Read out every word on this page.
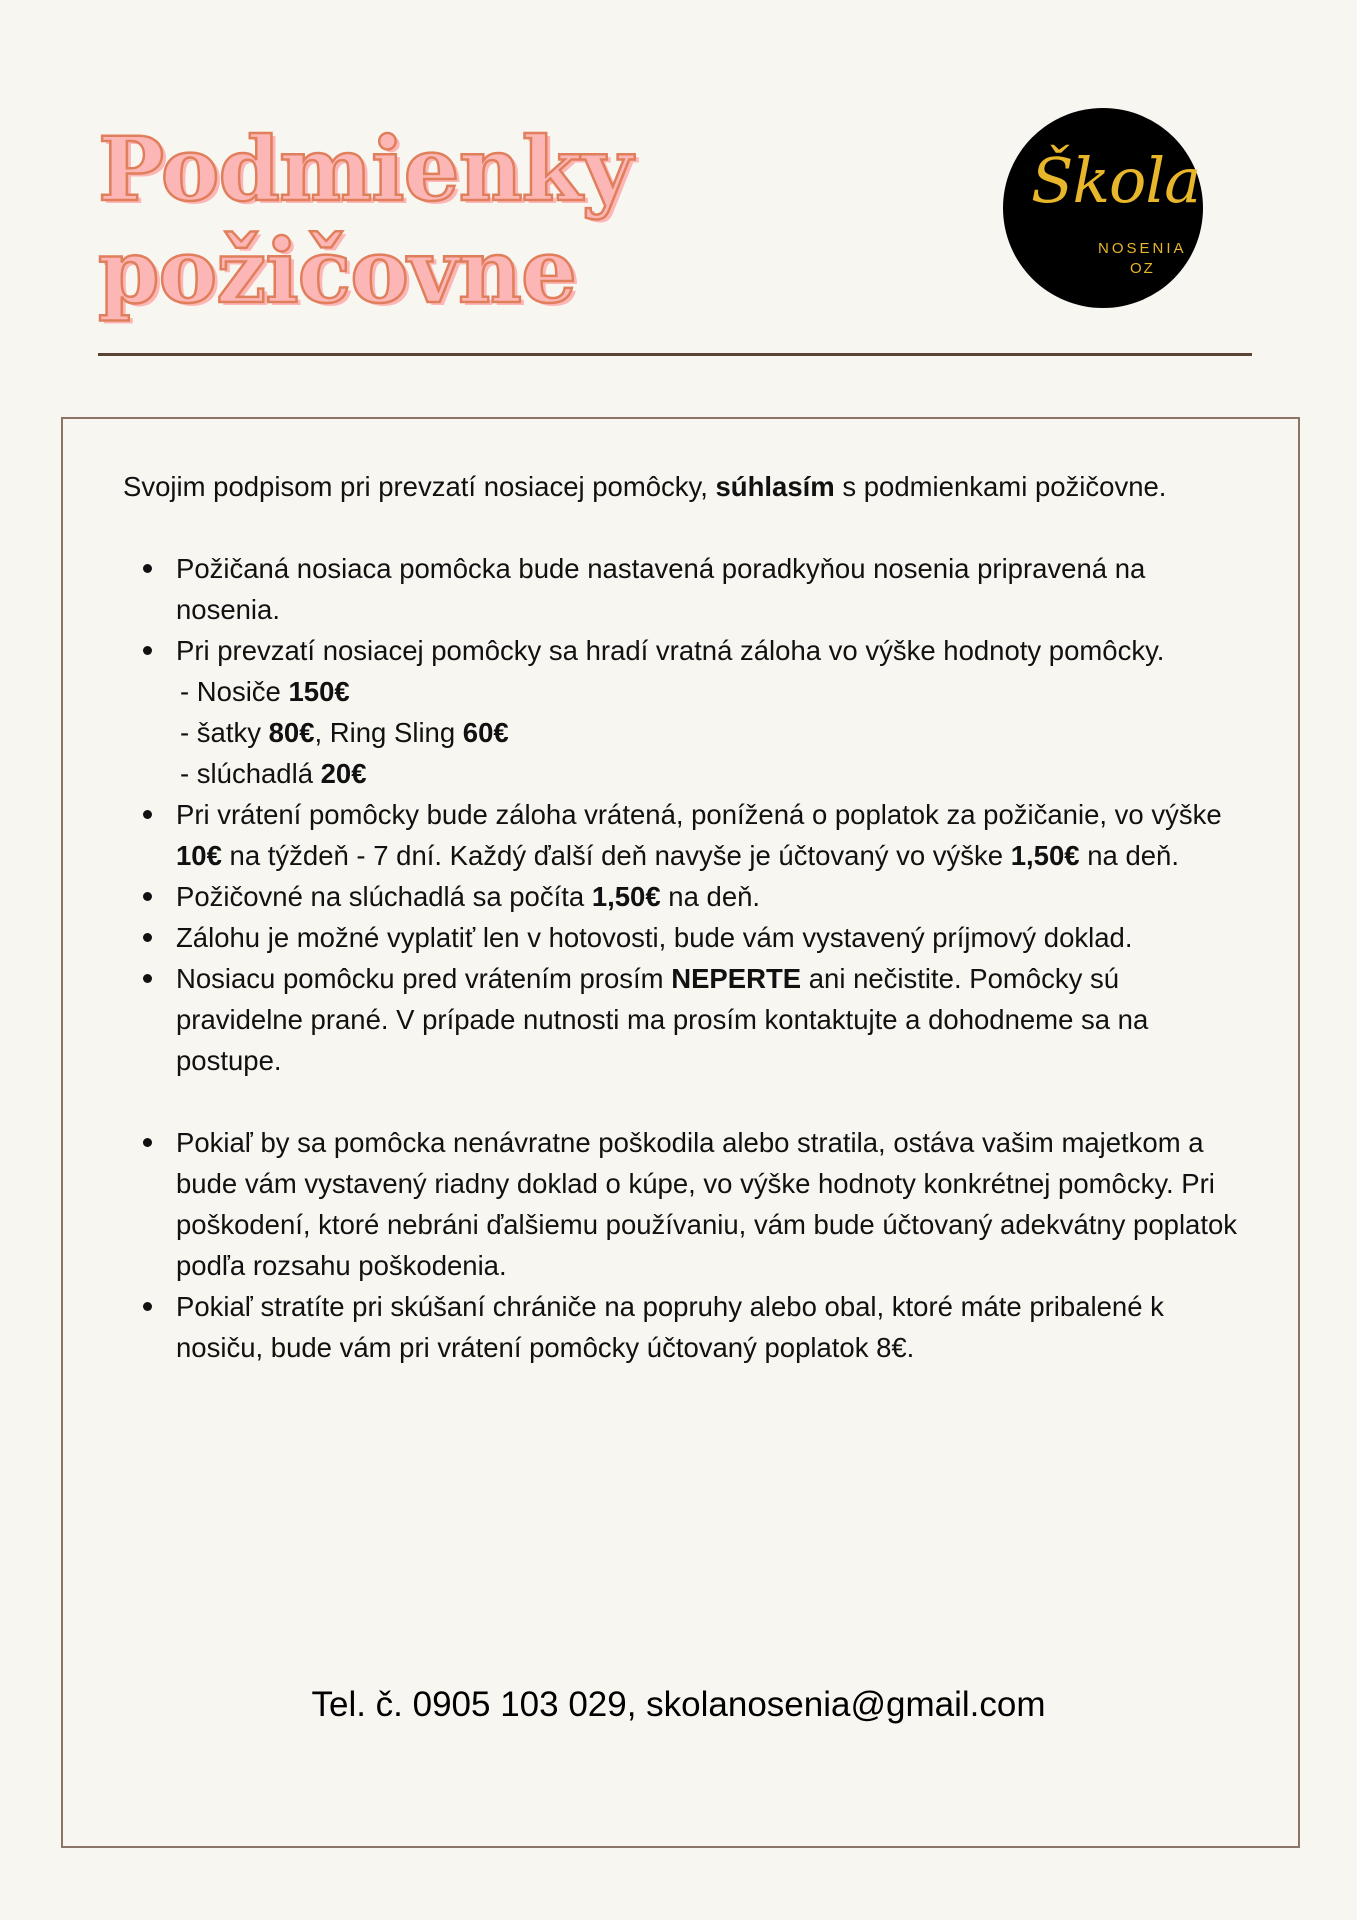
Podmienky
požičovne
Škola
NOSENIA
OZ

Svojim podpisom pri prevzatí nosiacej pomôcky, súhlasím s podmienkami požičovne.

Požičaná nosiaca pomôcka bude nastavená poradkyňou nosenia pripravená na nosenia.
Pri prevzatí nosiacej pomôcky sa hradí vratná záloha vo výške hodnoty pomôcky.
- Nosiče 150€
- šatky 80€, Ring Sling 60€
- slúchadlá 20€
Pri vrátení pomôcky bude záloha vrátená, ponížená o poplatok za požičanie, vo výške 10€ na týždeň - 7 dní. Každý ďalší deň navyše je účtovaný vo výške 1,50€ na deň.
Požičovné na slúchadlá sa počíta 1,50€ na deň.
Zálohu je možné vyplatiť len v hotovosti, bude vám vystavený príjmový doklad.
Nosiacu pomôcku pred vrátením prosím NEPERTE ani nečistite. Pomôcky sú pravidelne prané. V prípade nutnosti ma prosím kontaktujte a dohodneme sa na postupe.
Pokiaľ by sa pomôcka nenávratne poškodila alebo stratila, ostáva vašim majetkom a bude vám vystavený riadny doklad o kúpe, vo výške hodnoty konkrétnej pomôcky. Pri poškodení, ktoré nebráni ďalšiemu používaniu, vám bude účtovaný adekvátny poplatok podľa rozsahu poškodenia.
Pokiaľ stratíte pri skúšaní chrániče na popruhy alebo obal, ktoré máte pribalené k nosiču, bude vám pri vrátení pomôcky účtovaný poplatok 8€.
Tel. č. 0905 103 029, skolanosenia@gmail.com
